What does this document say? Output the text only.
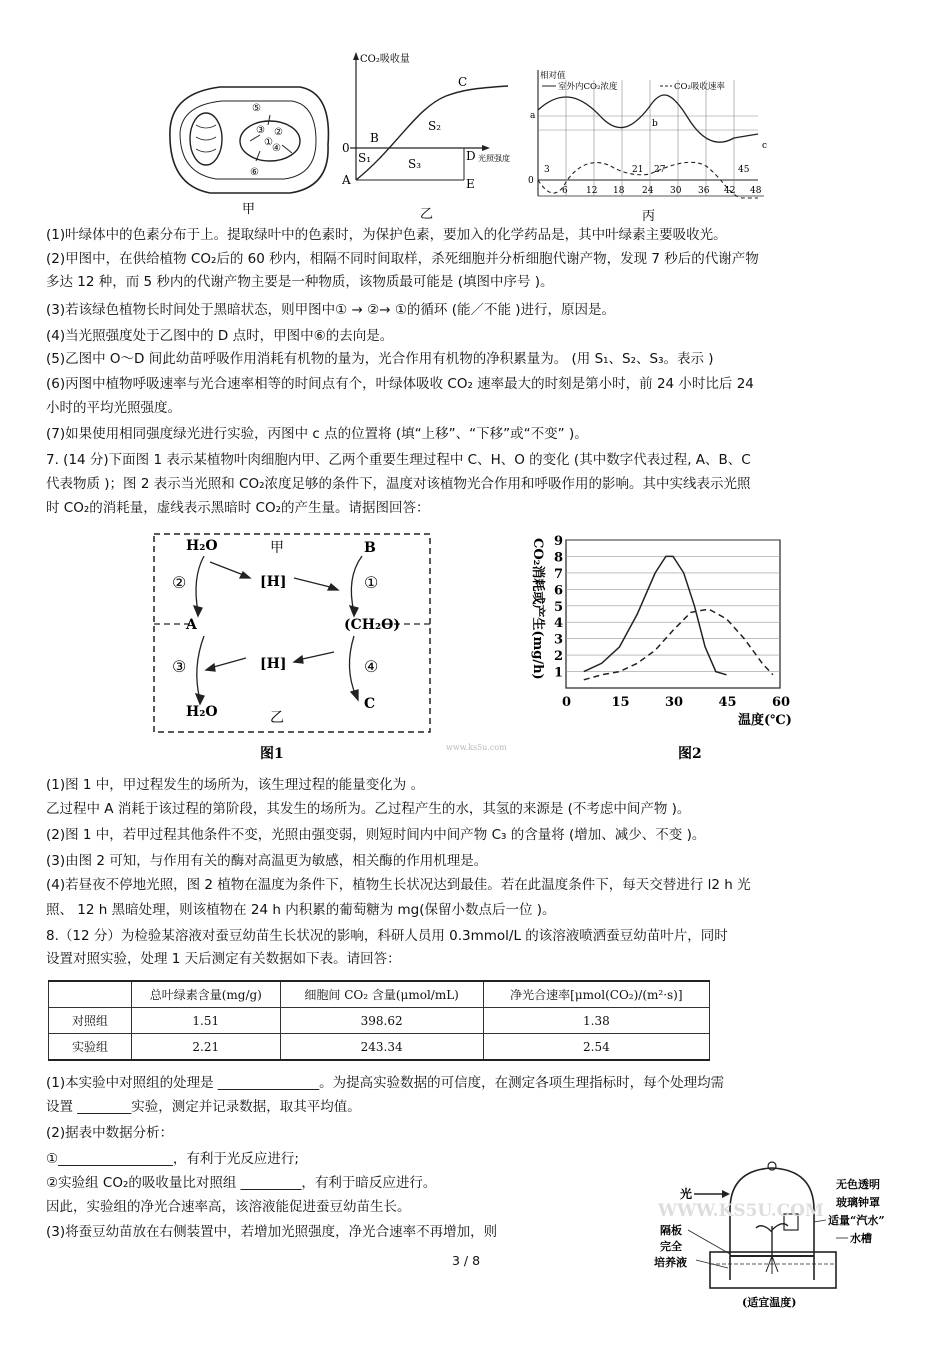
⑤
①
②
③
④
⑥
甲
CO₂吸收量
光照强度
A
B
C
D
E
0
S₁
S₂
S₃
乙
室外内CO₂浓度	CO₂吸收速率
相对值
a
b
c
0
3	21 27	45
6 12 18 24 30 36 42 48
丙
(1)叶绿体中的色素分布于上。提取绿叶中的色素时，为保护色素，要加入的化学药品是，其中叶绿素主要吸收光。
(2)甲图中，在供给植物 CO₂后的 60 秒内，相隔不同时间取样，杀死细胞并分析细胞代谢产物，发现 7 秒后的代谢产物
多达 12 种，而 5 秒内的代谢产物主要是一种物质，该物质最可能是 (填图中序号 )。
(3)若该绿色植物长时间处于黑暗状态，则甲图中① → ②→ ①的循环 (能／不能 )进行，原因是。
(4)当光照强度处于乙图中的 D 点时，甲图中⑥的去向是。
(5)乙图中 O～D 间此幼苗呼吸作用消耗有机物的量为，光合作用有机物的净积累量为。 (用 S₁、S₂、S₃。表示 )
(6)丙图中植物呼吸速率与光合速率相等的时间点有个，叶绿体吸收 CO₂ 速率最大的时刻是第小时，前 24 小时比后 24
小时的平均光照强度。
(7)如果使用相同强度绿光进行实验，丙图中 c 点的位置将 (填“上移”、“下移”或“不变” )。
7. (14 分)下面图 1 表示某植物叶肉细胞内甲、乙两个重要生理过程中 C、H、O 的变化 (其中数字代表过程, A、B、C
代表物质 )；图 2 表示当光照和 CO₂浓度足够的条件下，温度对该植物光合作用和呼吸作用的影响。其中实线表示光照
时 CO₂的消耗量，虚线表示黑暗时 CO₂的产生量。请据图回答：
H₂O	甲	B
[H]
②	①
A	(CH₂O)
③	[H]	④
H₂O	乙
C
图1
CO₂消耗或产生(mg/h)
温度(℃)
图2
www.ks5u.com
1
2
3
4
5
6
7
8
9
0	15	30	45	60
(1)图 1 中，甲过程发生的场所为，该生理过程的能量变化为 。
乙过程中 A 消耗于该过程的第阶段，其发生的场所为。乙过程产生的水，其氢的来源是 (不考虑中间产物 )。
(2)图 1 中，若甲过程其他条件不变，光照由强变弱，则短时间内中间产物 C₃ 的含量将 (增加、减少、不变 )。
(3)由图 2 可知，与作用有关的酶对高温更为敏感，相关酶的作用机理是。
(4)若昼夜不停地光照，图 2 植物在温度为条件下，植物生长状况达到最佳。若在此温度条件下，每天交替进行 l2 h 光
照、 12 h 黑暗处理，则该植物在 24 h 内积累的葡萄糖为 mg(保留小数点后一位 )。
8.（12 分）为检验某溶液对蚕豆幼苗生长状况的影响，科研人员用 0.3mmol/L 的该溶液喷洒蚕豆幼苗叶片，同时
设置对照实验，处理 1 天后测定有关数据如下表。请回答：
	总叶绿素含量(mg/g)	细胞间 CO₂ 含量(μmol/mL)	净光合速率[μmol(CO₂)/(m²·s)]
对照组	1.51	398.62	1.38
实验组	2.21	243.34	2.54
(1)本实验中对照组的处理是 _______________。为提高实验数据的可信度，在测定各项生理指标时，每个处理均需
设置 ________实验，测定并记录数据，取其平均值。
(2)据表中数据分析：
①_________________，有利于光反应进行;
②实验组 CO₂的吸收量比对照组 _________，有利于暗反应进行。
因此，实验组的净光合速率高，该溶液能促进蚕豆幼苗生长。
(3)将蚕豆幼苗放在右侧装置中，若增加光照强度，净光合速率不再增加，则
光
无色透明
玻璃钟罩
适量“汽水”
水槽
隔板
完全
培养液
(适宜温度)
WWW.KS5U.COM
3 / 8
